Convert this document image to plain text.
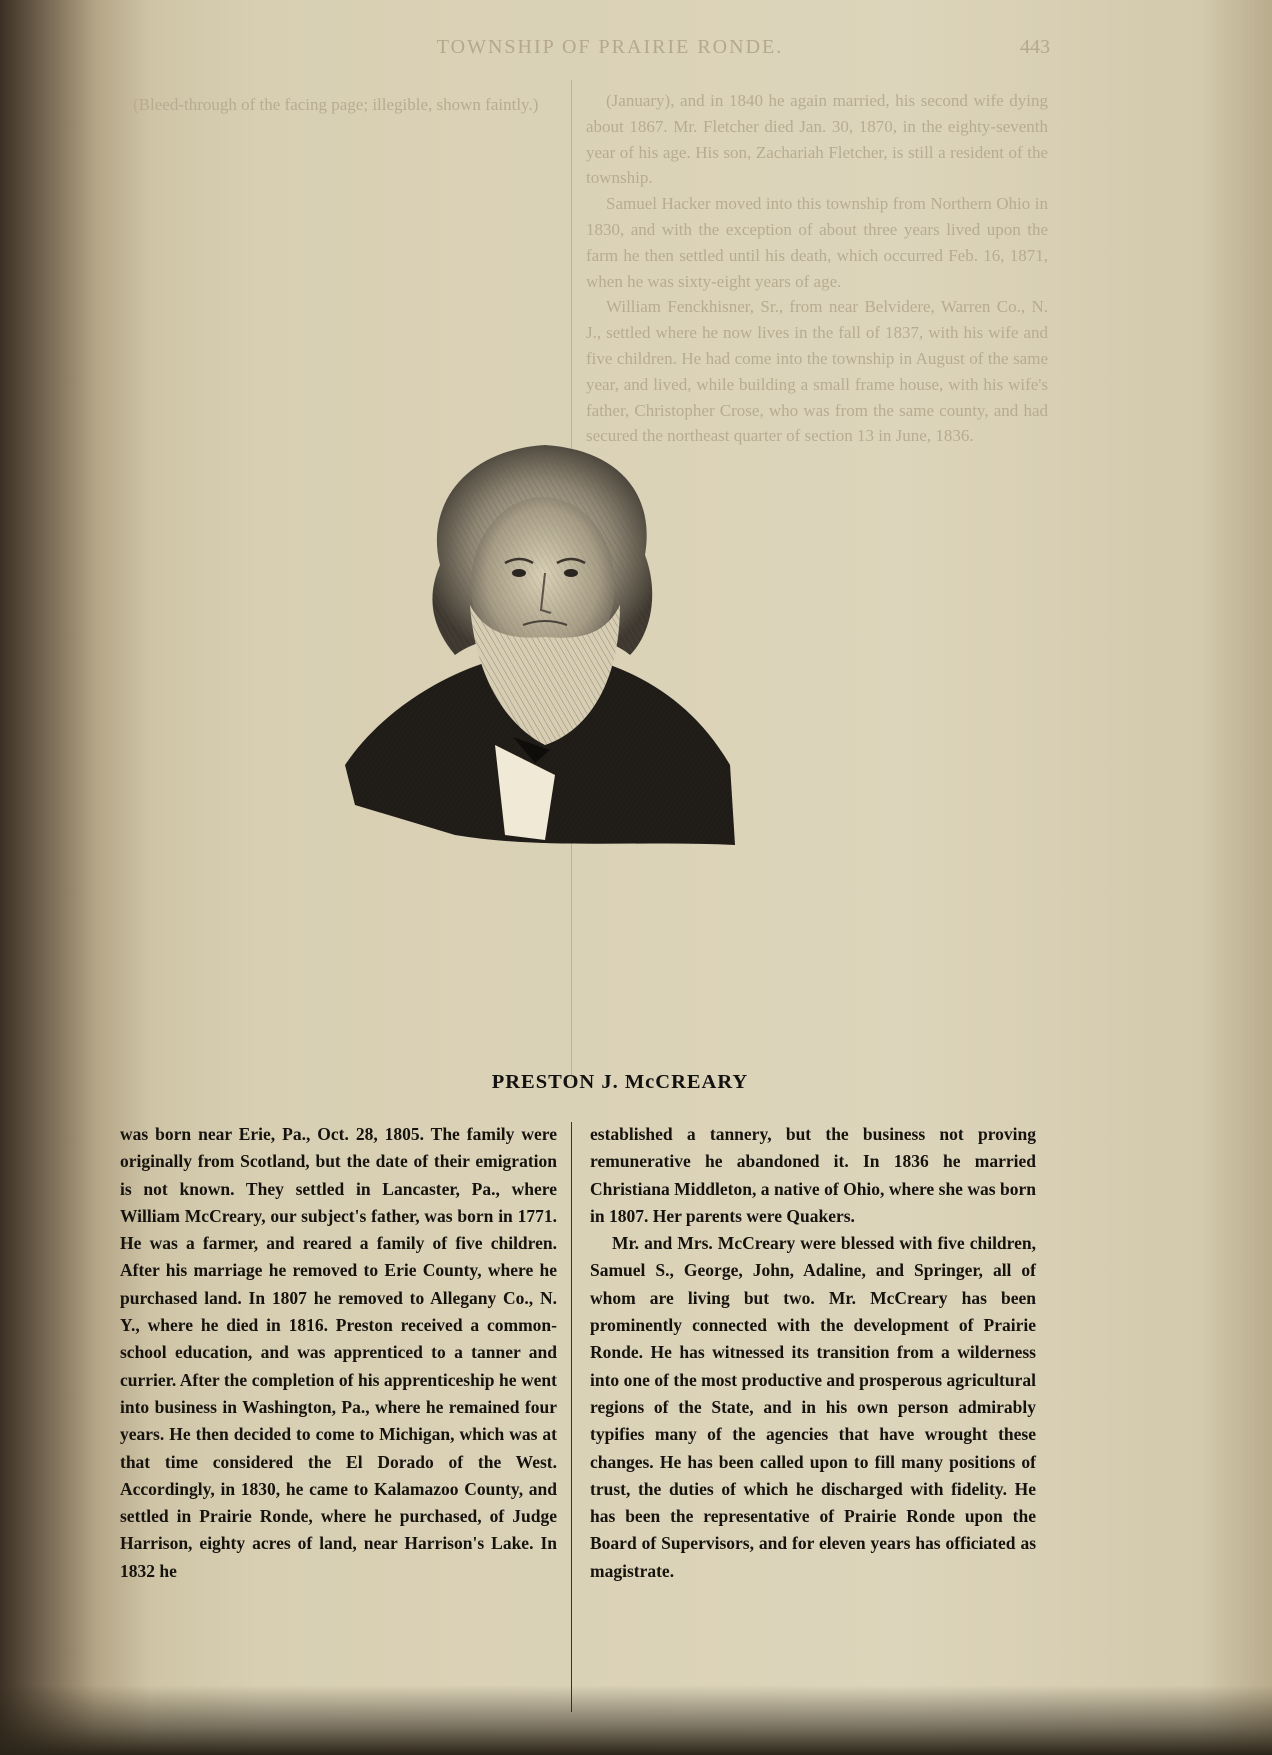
TOWNSHIP OF PRAIRIE RONDE.	443

(Bleed-through of the facing page; illegible, shown faintly.)	(January), and in 1840 he again married, his second wife dying about 1867. Mr. Fletcher died Jan. 30, 1870, in the eighty-seventh year of his age. His son, Zachariah Fletcher, is still a resident of the township.

Samuel Hacker moved into this township from Northern Ohio in 1830, and with the exception of about three years lived upon the farm he then settled until his death, which occurred Feb. 16, 1871, when he was sixty-eight years of age.

William Fenckhisner, Sr., from near Belvidere, Warren Co., N. J., settled where he now lives in the fall of 1837, with his wife and five children. He had come into the township in August of the same year, and lived, while building a small frame house, with his wife's father, Christopher Crose, who was from the same county, and had secured the northeast quarter of section 13 in June, 1836.

PRESTON J. McCREARY

was born near Erie, Pa., Oct. 28, 1805. The family were originally from Scotland, but the date of their emigration is not known. They settled in Lancaster, Pa., where William McCreary, our subject's father, was born in 1771. He was a farmer, and reared a family of five children. After his marriage he removed to Erie County, where he purchased land. In 1807 he removed to Allegany Co., N. Y., where he died in 1816. Preston received a common-school education, and was apprenticed to a tanner and currier. After the completion of his apprenticeship he went into business in Washington, Pa., where he remained four years. He then decided to come to Michigan, which was at that time considered the El Dorado of the West. Accordingly, in 1830, he came to Kalamazoo County, and settled in Prairie Ronde, where he purchased, of Judge Harrison, eighty acres of land, near Harrison's Lake. In 1832 he

established a tannery, but the business not proving remunerative he abandoned it. In 1836 he married Christiana Middleton, a native of Ohio, where she was born in 1807. Her parents were Quakers.

Mr. and Mrs. McCreary were blessed with five children, Samuel S., George, John, Adaline, and Springer, all of whom are living but two. Mr. McCreary has been prominently connected with the development of Prairie Ronde. He has witnessed its transition from a wilderness into one of the most productive and prosperous agricultural regions of the State, and in his own person admirably typifies many of the agencies that have wrought these changes. He has been called upon to fill many positions of trust, the duties of which he discharged with fidelity. He has been the representative of Prairie Ronde upon the Board of Supervisors, and for eleven years has officiated as magistrate.
